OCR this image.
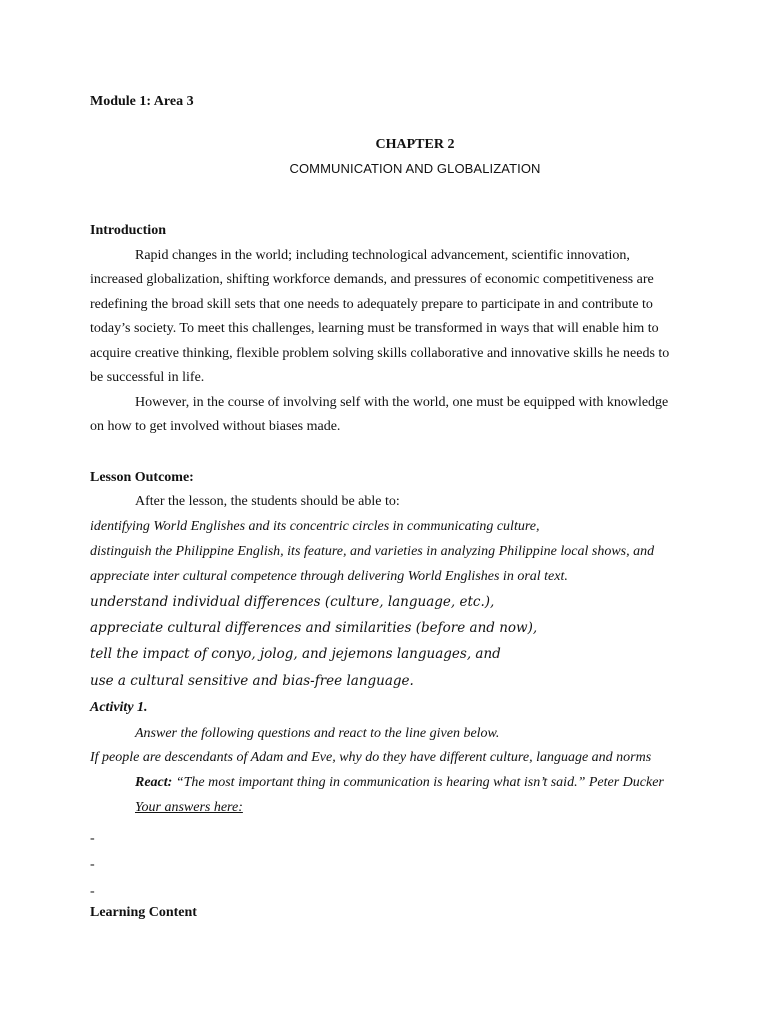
Module 1: Area 3
CHAPTER 2
COMMUNICATION AND GLOBALIZATION
Introduction
Rapid changes in the world; including technological advancement, scientific innovation,
increased globalization, shifting workforce demands, and pressures of economic competitiveness are
redefining the broad skill sets that one needs to adequately prepare to participate in and contribute to
today’s society. To meet this challenges, learning must be transformed in ways that will enable him to
acquire creative thinking, flexible problem solving skills collaborative and innovative skills he needs to
be successful in life.
However, in the course of involving self with the world, one must be equipped with knowledge
on how to get involved without biases made.
Lesson Outcome:
After the lesson, the students should be able to:
identifying World Englishes and its concentric circles in communicating culture,
distinguish the Philippine English, its feature, and varieties in analyzing Philippine local shows, and
appreciate inter cultural competence through delivering World Englishes in oral text.
understand individual differences (culture, language, etc.),
appreciate cultural differences and similarities (before and now),
tell the impact of conyo, jolog, and jejemons languages, and
use a cultural sensitive and bias-free language.
Activity 1.
Answer the following questions and react to the line given below.
If people are descendants of Adam and Eve, why do they have different culture, language and norms
React: “The most important thing in communication is hearing what isn’t said.” Peter Ducker
Your answers here:
-
-
-
Learning Content
